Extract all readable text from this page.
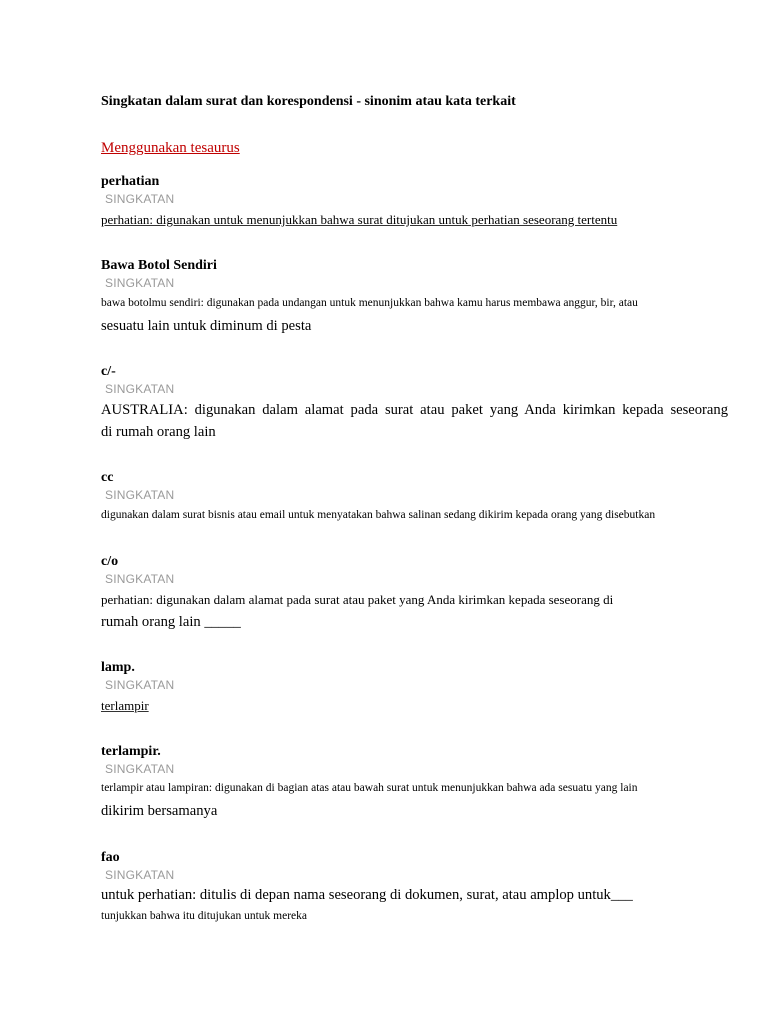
Singkatan dalam surat dan korespondensi - sinonim atau kata terkait
Menggunakan tesaurus
perhatian
SINGKATAN
perhatian: digunakan untuk menunjukkan bahwa surat ditujukan untuk perhatian seseorang tertentu
Bawa Botol Sendiri
SINGKATAN
bawa botolmu sendiri: digunakan pada undangan untuk menunjukkan bahwa kamu harus membawa anggur, bir, atau
sesuatu lain untuk diminum di pesta
c/-
SINGKATAN
AUSTRALIA: digunakan dalam alamat pada surat atau paket yang Anda kirimkan kepada seseorang
di rumah orang lain
cc
SINGKATAN
digunakan dalam surat bisnis atau email untuk menyatakan bahwa salinan sedang dikirim kepada orang yang disebutkan
c/o
SINGKATAN
perhatian: digunakan dalam alamat pada surat atau paket yang Anda kirimkan kepada seseorang di
rumah orang lain _____
lamp.
SINGKATAN
terlampir
terlampir.
SINGKATAN
terlampir atau lampiran: digunakan di bagian atas atau bawah surat untuk menunjukkan bahwa ada sesuatu yang lain
dikirim bersamanya
fao
SINGKATAN
untuk perhatian: ditulis di depan nama seseorang di dokumen, surat, atau amplop untuk___
tunjukkan bahwa itu ditujukan untuk mereka
